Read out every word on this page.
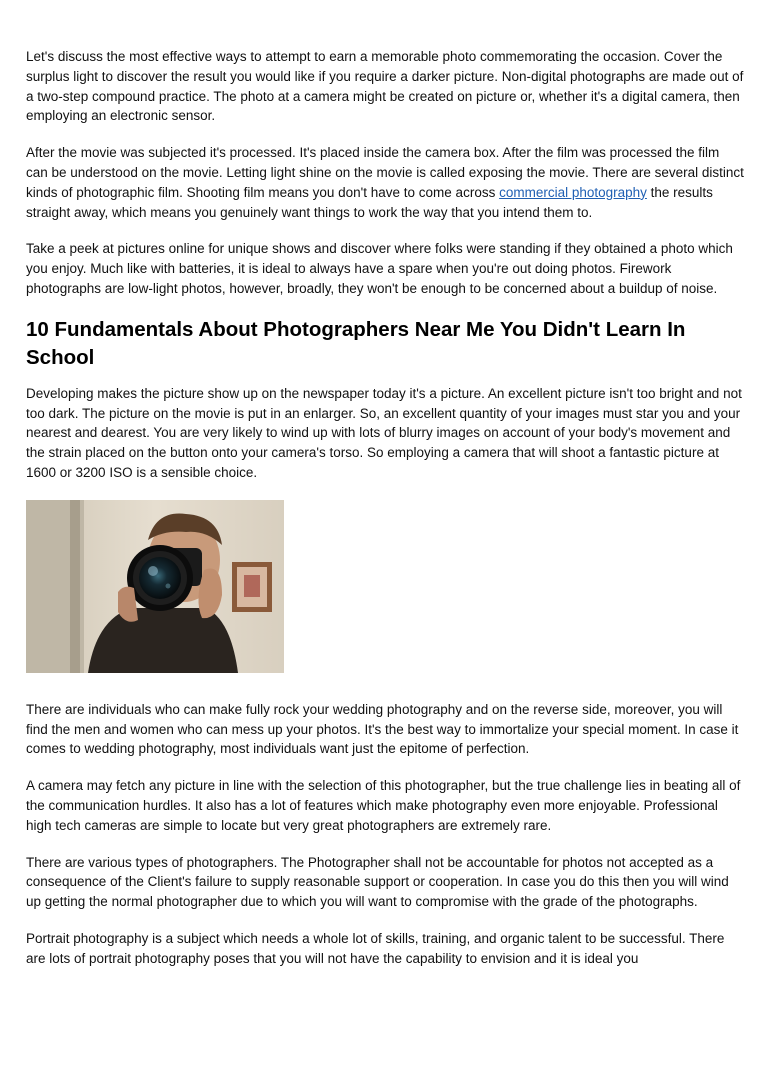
Let's discuss the most effective ways to attempt to earn a memorable photo commemorating the occasion. Cover the surplus light to discover the result you would like if you require a darker picture. Non-digital photographs are made out of a two-step compound practice. The photo at a camera might be created on picture or, whether it's a digital camera, then employing an electronic sensor.

After the movie was subjected it's processed. It's placed inside the camera box. After the film was processed the film can be understood on the movie. Letting light shine on the movie is called exposing the movie. There are several distinct kinds of photographic film. Shooting film means you don't have to come across commercial photography the results straight away, which means you genuinely want things to work the way that you intend them to.

Take a peek at pictures online for unique shows and discover where folks were standing if they obtained a photo which you enjoy. Much like with batteries, it is ideal to always have a spare when you're out doing photos. Firework photographs are low-light photos, however, broadly, they won't be enough to be concerned about a buildup of noise.

10 Fundamentals About Photographers Near Me You Didn't Learn In School

Developing makes the picture show up on the newspaper today it's a picture. An excellent picture isn't too bright and not too dark. The picture on the movie is put in an enlarger. So, an excellent quantity of your images must star you and your nearest and dearest. You are very likely to wind up with lots of blurry images on account of your body's movement and the strain placed on the button onto your camera's torso. So employing a camera that will shoot a fantastic picture at 1600 or 3200 ISO is a sensible choice.

There are individuals who can make fully rock your wedding photography and on the reverse side, moreover, you will find the men and women who can mess up your photos. It's the best way to immortalize your special moment. In case it comes to wedding photography, most individuals want just the epitome of perfection.

A camera may fetch any picture in line with the selection of this photographer, but the true challenge lies in beating all of the communication hurdles. It also has a lot of features which make photography even more enjoyable. Professional high tech cameras are simple to locate but very great photographers are extremely rare.

There are various types of photographers. The Photographer shall not be accountable for photos not accepted as a consequence of the Client's failure to supply reasonable support or cooperation. In case you do this then you will wind up getting the normal photographer due to which you will want to compromise with the grade of the photographs.

Portrait photography is a subject which needs a whole lot of skills, training, and organic talent to be successful. There are lots of portrait photography poses that you will not have the capability to envision and it is ideal you
